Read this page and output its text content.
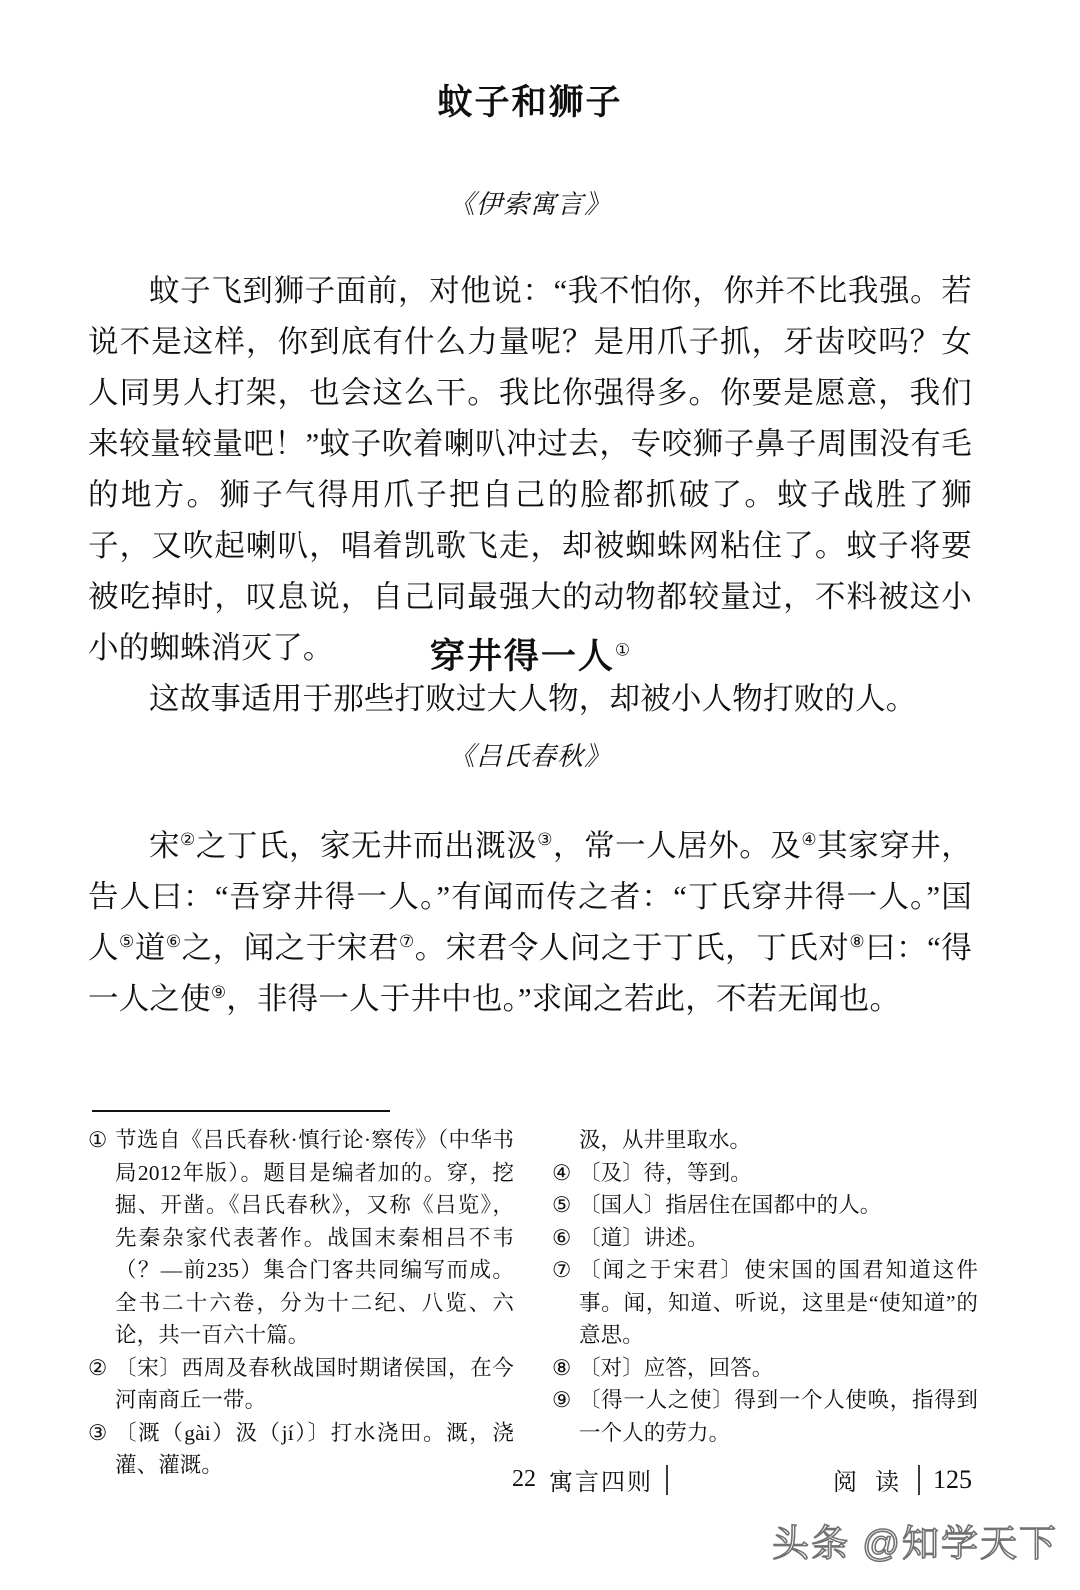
蚊子和狮子

《伊索寓言》

蚊子飞到狮子面前，对他说：“我不怕你，你并不比我强。若说不是这样，你到底有什么力量呢？是用爪子抓，牙齿咬吗？女人同男人打架，也会这么干。我比你强得多。你要是愿意，我们来较量较量吧！”蚊子吹着喇叭冲过去，专咬狮子鼻子周围没有毛的地方。狮子气得用爪子把自己的脸都抓破了。蚊子战胜了狮子，又吹起喇叭，唱着凯歌飞走，却被蜘蛛网粘住了。蚊子将要被吃掉时，叹息说，自己同最强大的动物都较量过，不料被这小小的蜘蛛消灭了。

这故事适用于那些打败过大人物，却被小人物打败的人。

穿井得一人①

《吕氏春秋》

宋②之丁氏，家无井而出溉汲③，常一人居外。及④其家穿井，告人曰：“吾穿井得一人。”有闻而传之者：“丁氏穿井得一人。”国人⑤道⑥之，闻之于宋君⑦。宋君令人问之于丁氏，丁氏对⑧曰：“得一人之使⑨，非得一人于井中也。”求闻之若此，不若无闻也。

① 节选自《吕氏春秋·慎行论·察传》（中华书局2012年版）。题目是编者加的。穿，挖掘、开凿。《吕氏春秋》，又称《吕览》，先秦杂家代表著作。战国末秦相吕不韦（？—前235）集合门客共同编写而成。全书二十六卷，分为十二纪、八览、六论，共一百六十篇。
② 〔宋〕西周及春秋战国时期诸侯国，在今河南商丘一带。
③ 〔溉（gài）汲（jí）〕打水浇田。溉，浇灌、灌溉。
汲，从井里取水。
④ 〔及〕待，等到。
⑤ 〔国人〕指居住在国都中的人。
⑥ 〔道〕讲述。
⑦ 〔闻之于宋君〕使宋国的国君知道这件事。闻，知道、听说，这里是“使知道”的意思。
⑧ 〔对〕应答，回答。
⑨ 〔得一人之使〕得到一个人使唤，指得到一个人的劳力。
22 寓言四则	阅 读 125
头条 @知学天下
